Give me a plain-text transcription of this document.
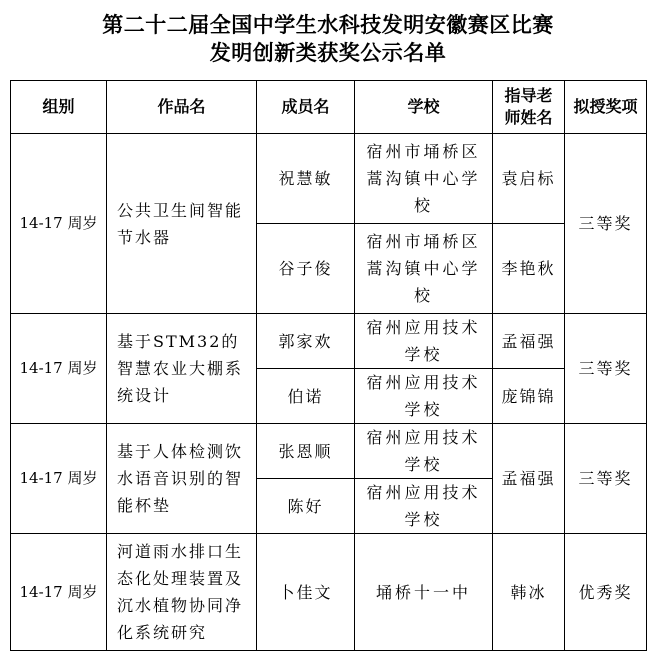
第二十二届全国中学生水科技发明安徽赛区比赛
发明创新类获奖公示名单
组别	作品名	成员名	学校	指导老师姓名	拟授奖项
14-17 周岁	公共卫生间智能节水器	祝慧敏	宿州市埇桥区蒿沟镇中心学校	袁启标	三等奖
		谷子俊	宿州市埇桥区蒿沟镇中心学校	李艳秋	
14-17 周岁	基于STM32的智慧农业大棚系统设计	郭家欢	宿州应用技术学校	孟福强	三等奖
		伯诺	宿州应用技术学校	庞锦锦	
14-17 周岁	基于人体检测饮水语音识别的智能杯垫	张恩顺	宿州应用技术学校	孟福强	三等奖
		陈好	宿州应用技术学校		
14-17 周岁	河道雨水排口生态化处理装置及沉水植物协同净化系统研究	卜佳文	埇桥十一中	韩冰	优秀奖
